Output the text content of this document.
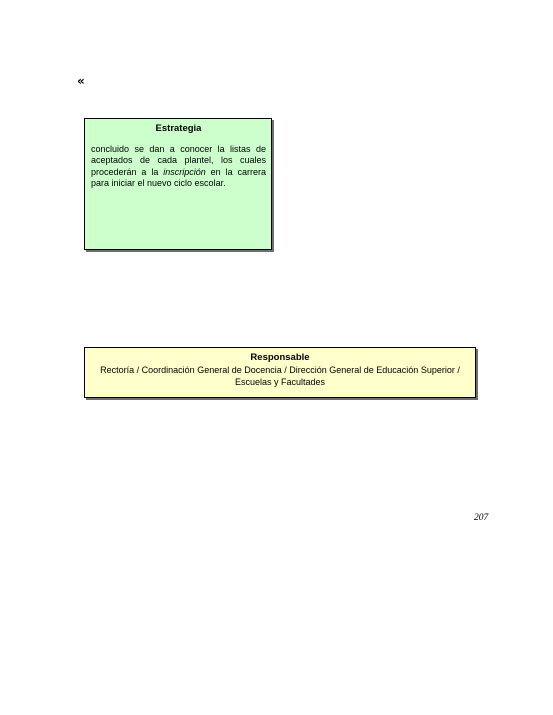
«
Estrategia
concluido se dan a conocer la listas de aceptados de cada plantel, los cuales procederán a la inscripción en la carrera para iniciar el nuevo ciclo escolar.
Responsable
Rectoría / Coordinación General de Docencia / Dirección General de Educación Superior /
Escuelas y Facultades
207
